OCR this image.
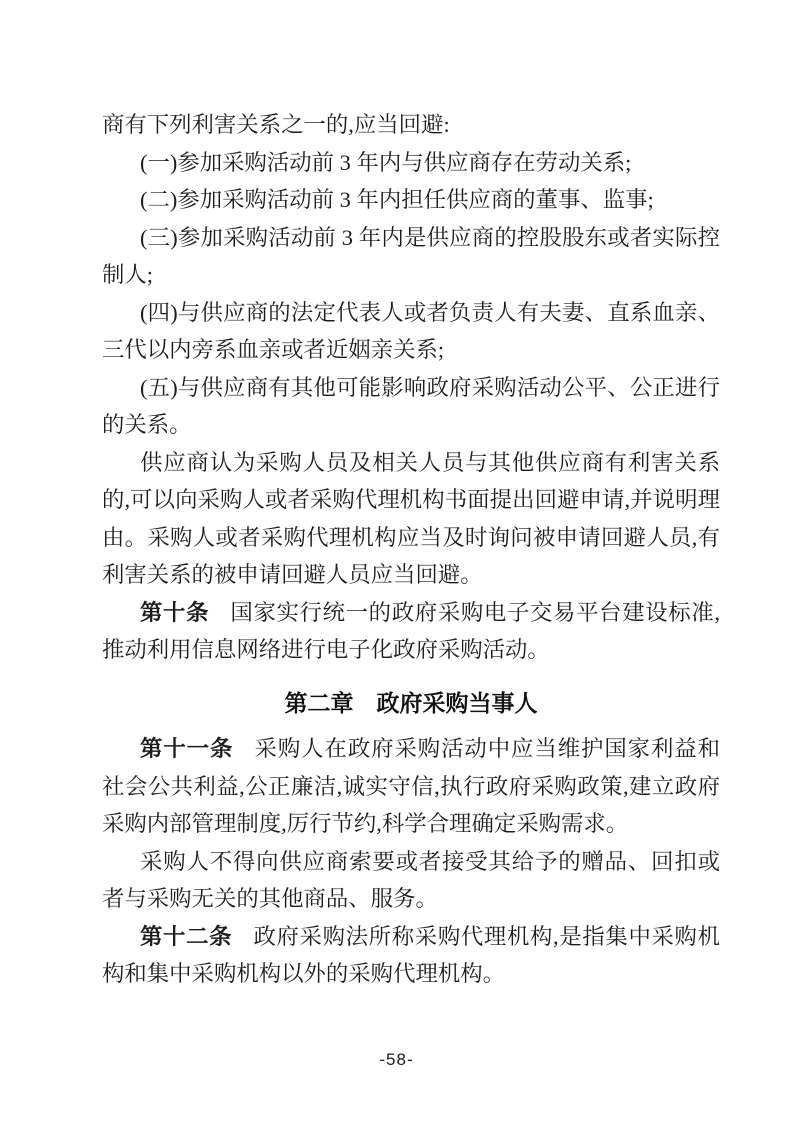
商有下列利害关系之一的,应当回避:

(一)参加采购活动前 3 年内与供应商存在劳动关系;

(二)参加采购活动前 3 年内担任供应商的董事、监事;

(三)参加采购活动前 3 年内是供应商的控股股东或者实际控制人;

(四)与供应商的法定代表人或者负责人有夫妻、直系血亲、三代以内旁系血亲或者近姻亲关系;

(五)与供应商有其他可能影响政府采购活动公平、公正进行的关系。

供应商认为采购人员及相关人员与其他供应商有利害关系的,可以向采购人或者采购代理机构书面提出回避申请,并说明理由。采购人或者采购代理机构应当及时询问被申请回避人员,有利害关系的被申请回避人员应当回避。

第十条 国家实行统一的政府采购电子交易平台建设标准,推动利用信息网络进行电子化政府采购活动。

第二章　政府采购当事人

第十一条 采购人在政府采购活动中应当维护国家利益和社会公共利益,公正廉洁,诚实守信,执行政府采购政策,建立政府采购内部管理制度,厉行节约,科学合理确定采购需求。

采购人不得向供应商索要或者接受其给予的赠品、回扣或者与采购无关的其他商品、服务。

第十二条 政府采购法所称采购代理机构,是指集中采购机构和集中采购机构以外的采购代理机构。

-58-
